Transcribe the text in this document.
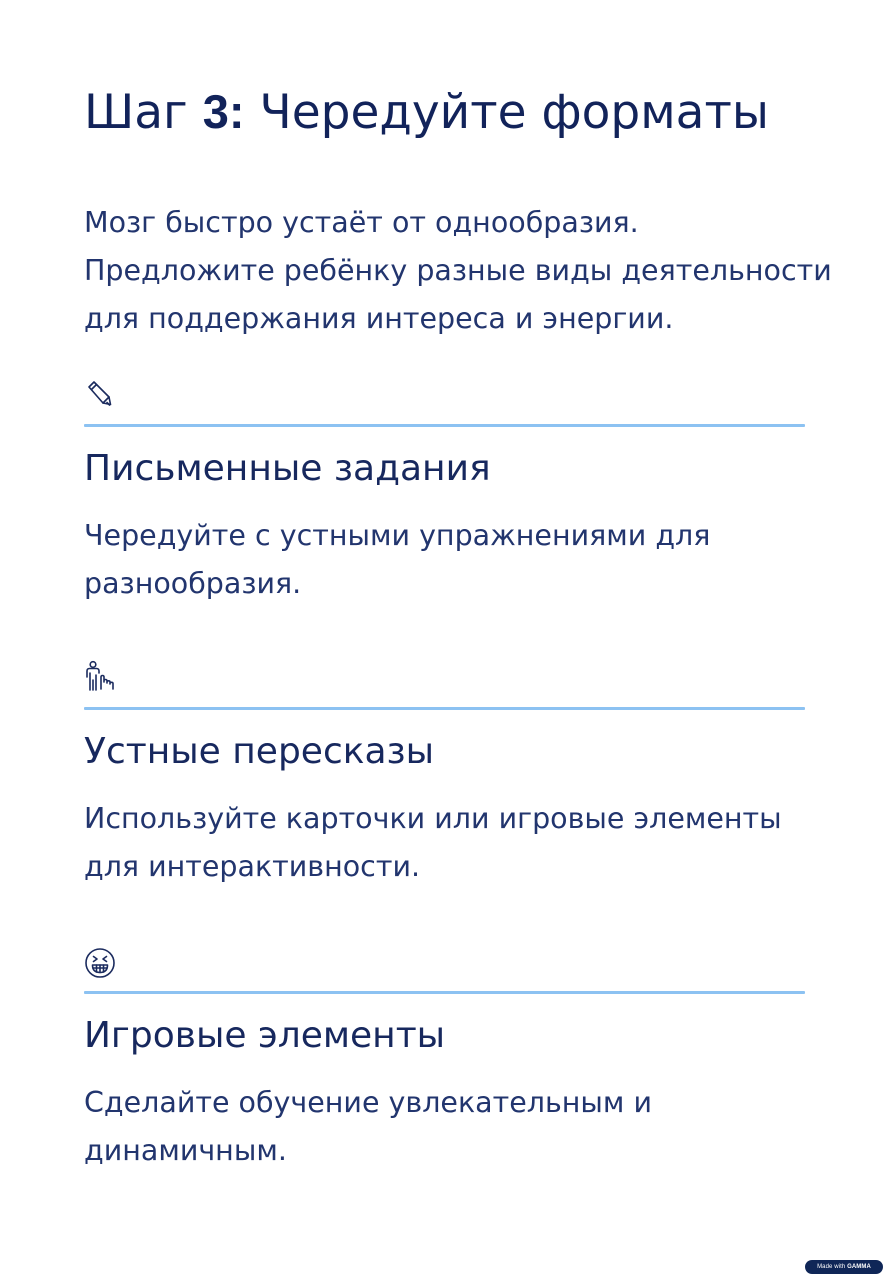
Шаг 3: Чередуйте форматы

Мозг быстро устаёт от однообразия.
Предложите ребёнку разные виды деятельности
для поддержания интереса и энергии.

Письменные задания

Чередуйте с устными упражнениями для
разнообразия.

Устные пересказы

Используйте карточки или игровые элементы
для интерактивности.

Игровые элементы

Сделайте обучение увлекательным и
динамичным.

Made with GAMMA
